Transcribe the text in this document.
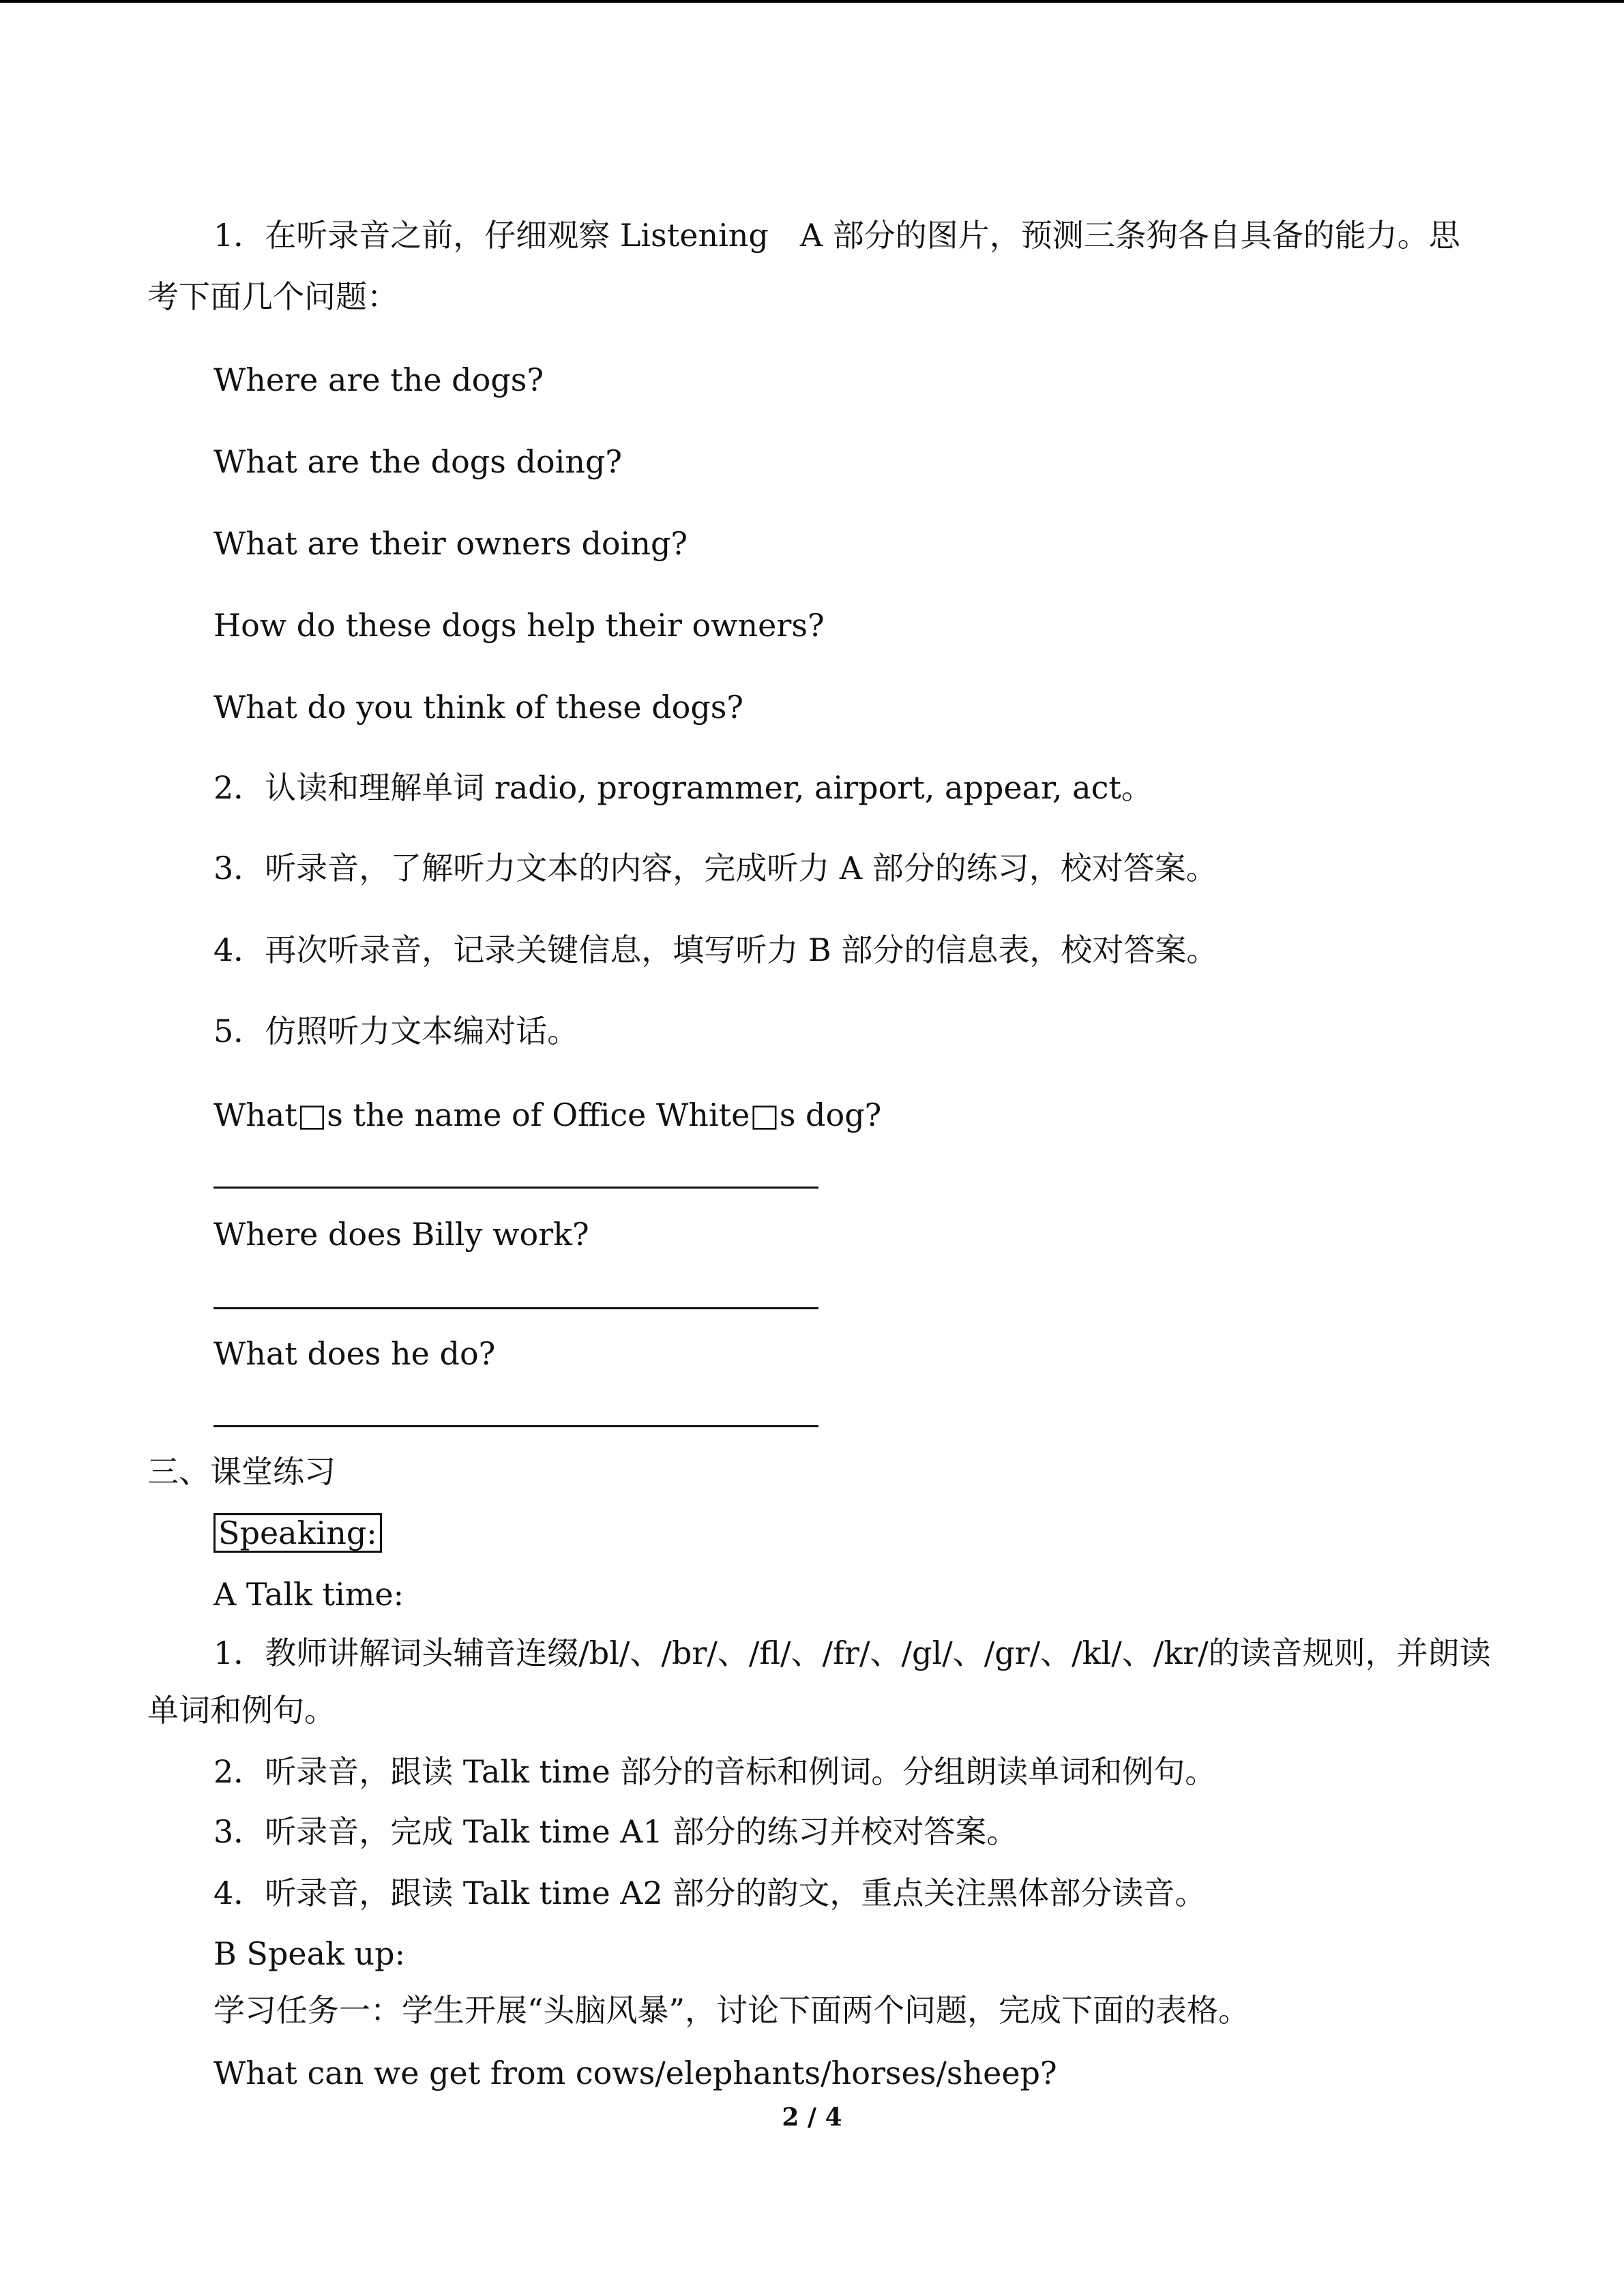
1．在听录音之前，仔细观察 Listening　A 部分的图片，预测三条狗各自具备的能力。思
考下面几个问题：
Where are the dogs?
What are the dogs doing?
What are their owners doing?
How do these dogs help their owners?
What do you think of these dogs?
2．认读和理解单词 radio, programmer, airport, appear, act。
3．听录音，了解听力文本的内容，完成听力 A 部分的练习，校对答案。
4．再次听录音，记录关键信息，填写听力 B 部分的信息表，校对答案。
5．仿照听力文本编对话。
What□s the name of Office White□s dog?
Where does Billy work?
What does he do?
三、课堂练习
Speaking:
A Talk time:
1．教师讲解词头辅音连缀/bl/、/br/、/fl/、/fr/、/gl/、/gr/、/kl/、/kr/的读音规则，并朗读
单词和例句。
2．听录音，跟读 Talk time 部分的音标和例词。分组朗读单词和例句。
3．听录音，完成 Talk time A1 部分的练习并校对答案。
4．听录音，跟读 Talk time A2 部分的韵文，重点关注黑体部分读音。
B Speak up:
学习任务一：学生开展“头脑风暴”，讨论下面两个问题，完成下面的表格。
What can we get from cows/elephants/horses/sheep?
2 / 4
